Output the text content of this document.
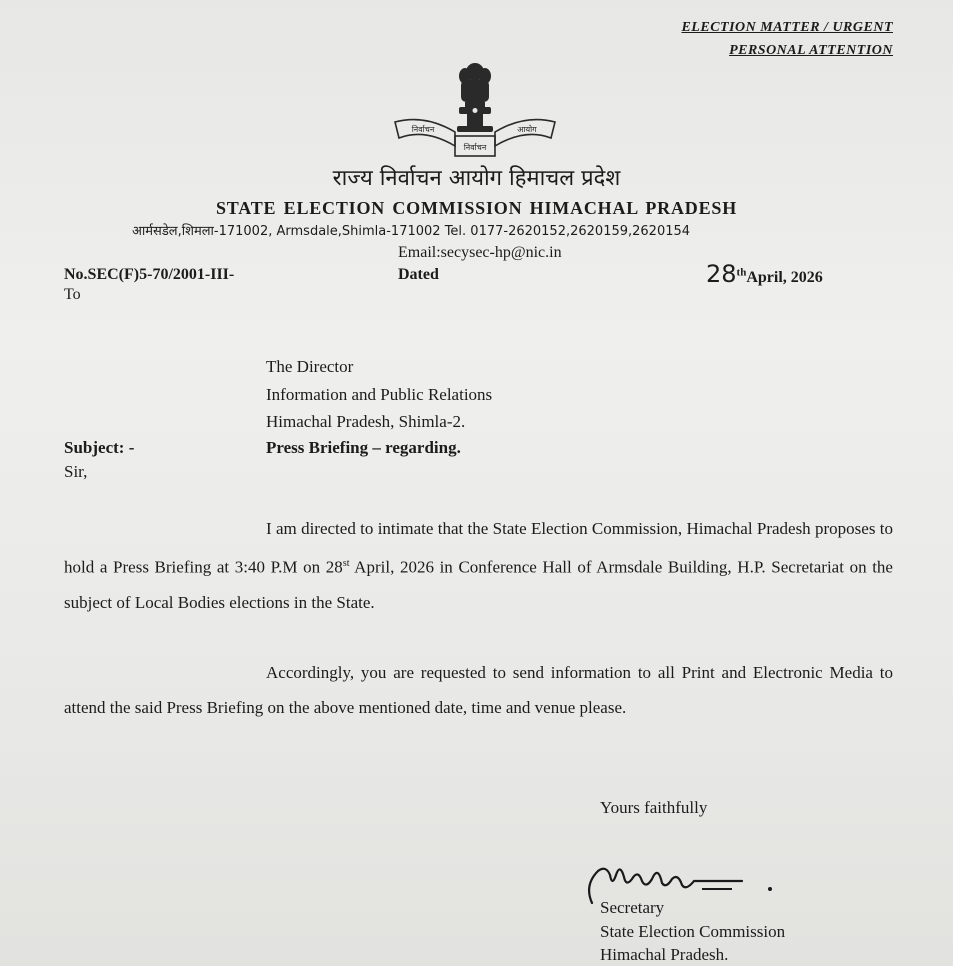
ELECTION MATTER / URGENT
PERSONAL ATTENTION
निर्वाचन
निर्वाचन
आयोग
राज्य निर्वाचन आयोग हिमाचल प्रदेश
STATE ELECTION COMMISSION HIMACHAL PRADESH
आर्मसडेल,शिमला-171002, Armsdale,Shimla-171002 Tel. 0177-2620152,2620159,2620154
Email:secysec-hp@nic.in
No.SEC(F)5-70/2001-III-	Dated	28thApril, 2026
To
The Director
Information and Public Relations
Himachal Pradesh, Shimla-2.
Subject: -	Press Briefing – regarding.
Sir,
I am directed to intimate that the State Election Commission, Himachal Pradesh proposes to hold a Press Briefing at 3:40 P.M on 28st April, 2026 in Conference Hall of Armsdale Building, H.P. Secretariat on the subject of Local Bodies elections in the State.
Accordingly, you are requested to send information to all Print and Electronic Media to attend the said Press Briefing on the above mentioned date, time and venue please.
Yours faithfully
Secretary
State Election Commission
Himachal Pradesh.
